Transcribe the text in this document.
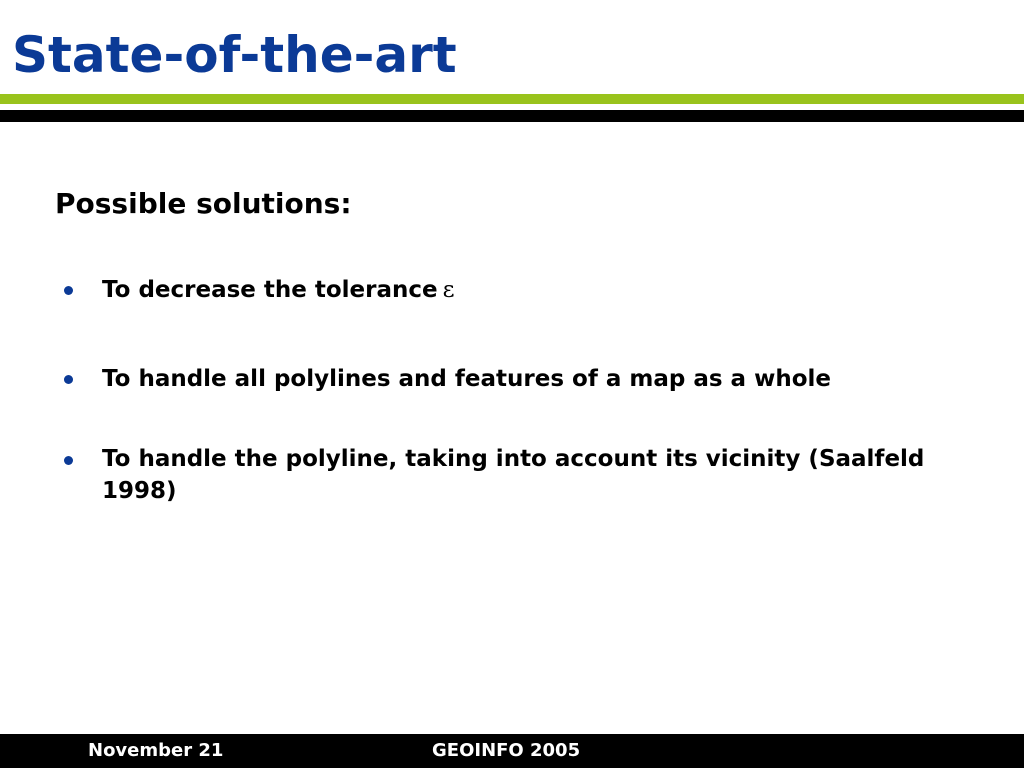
State-of-the-art
Possible solutions:
To decrease the tolerance ε
To handle all polylines and features of a map as a whole
To handle the polyline, taking into account its vicinity (Saalfeld 1998)
November 21	GEOINFO 2005
